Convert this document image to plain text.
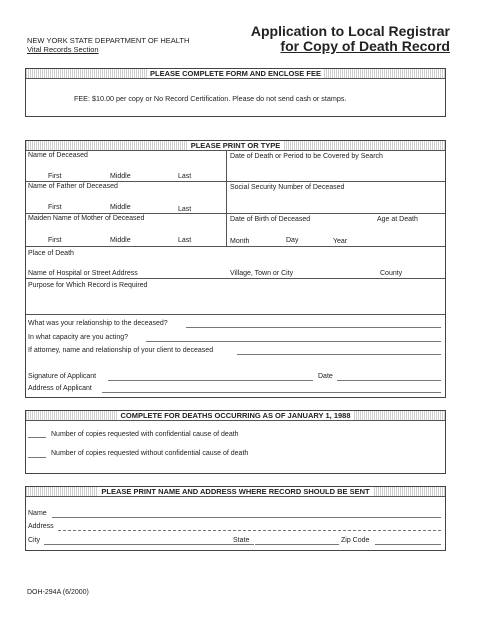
NEW YORK STATE DEPARTMENT OF HEALTH
Vital Records Section
Application to Local Registrar
for Copy of Death Record
PLEASE COMPLETE FORM AND ENCLOSE FEE
FEE: $10.00 per copy or No Record Certification. Please do not send cash or stamps.
PLEASE PRINT OR TYPE
Name of Deceased	Date of Death or Period to be Covered by Search
First	Middle	Last
Name of Father of Deceased	Social Security Number of Deceased
First	Middle	Last
Maiden Name of Mother of Deceased	Date of Birth of Deceased	Age at Death
First	Middle	Last	Month	Day	Year
Place of Death
Name of Hospital or Street Address	Village, Town or City	County
Purpose for Which Record is Required
What was your relationship to the deceased?
In what capacity are you acting?
If attorney, name and relationship of your client to deceased
Signature of Applicant	Date
Address of Applicant
COMPLETE FOR DEATHS OCCURRING AS OF JANUARY 1, 1988
Number of copies requested with confidential cause of death
Number of copies requested without confidential cause of death
PLEASE PRINT NAME AND ADDRESS WHERE RECORD SHOULD BE SENT
Name
Address
City	State	Zip Code
DOH-294A (6/2000)
